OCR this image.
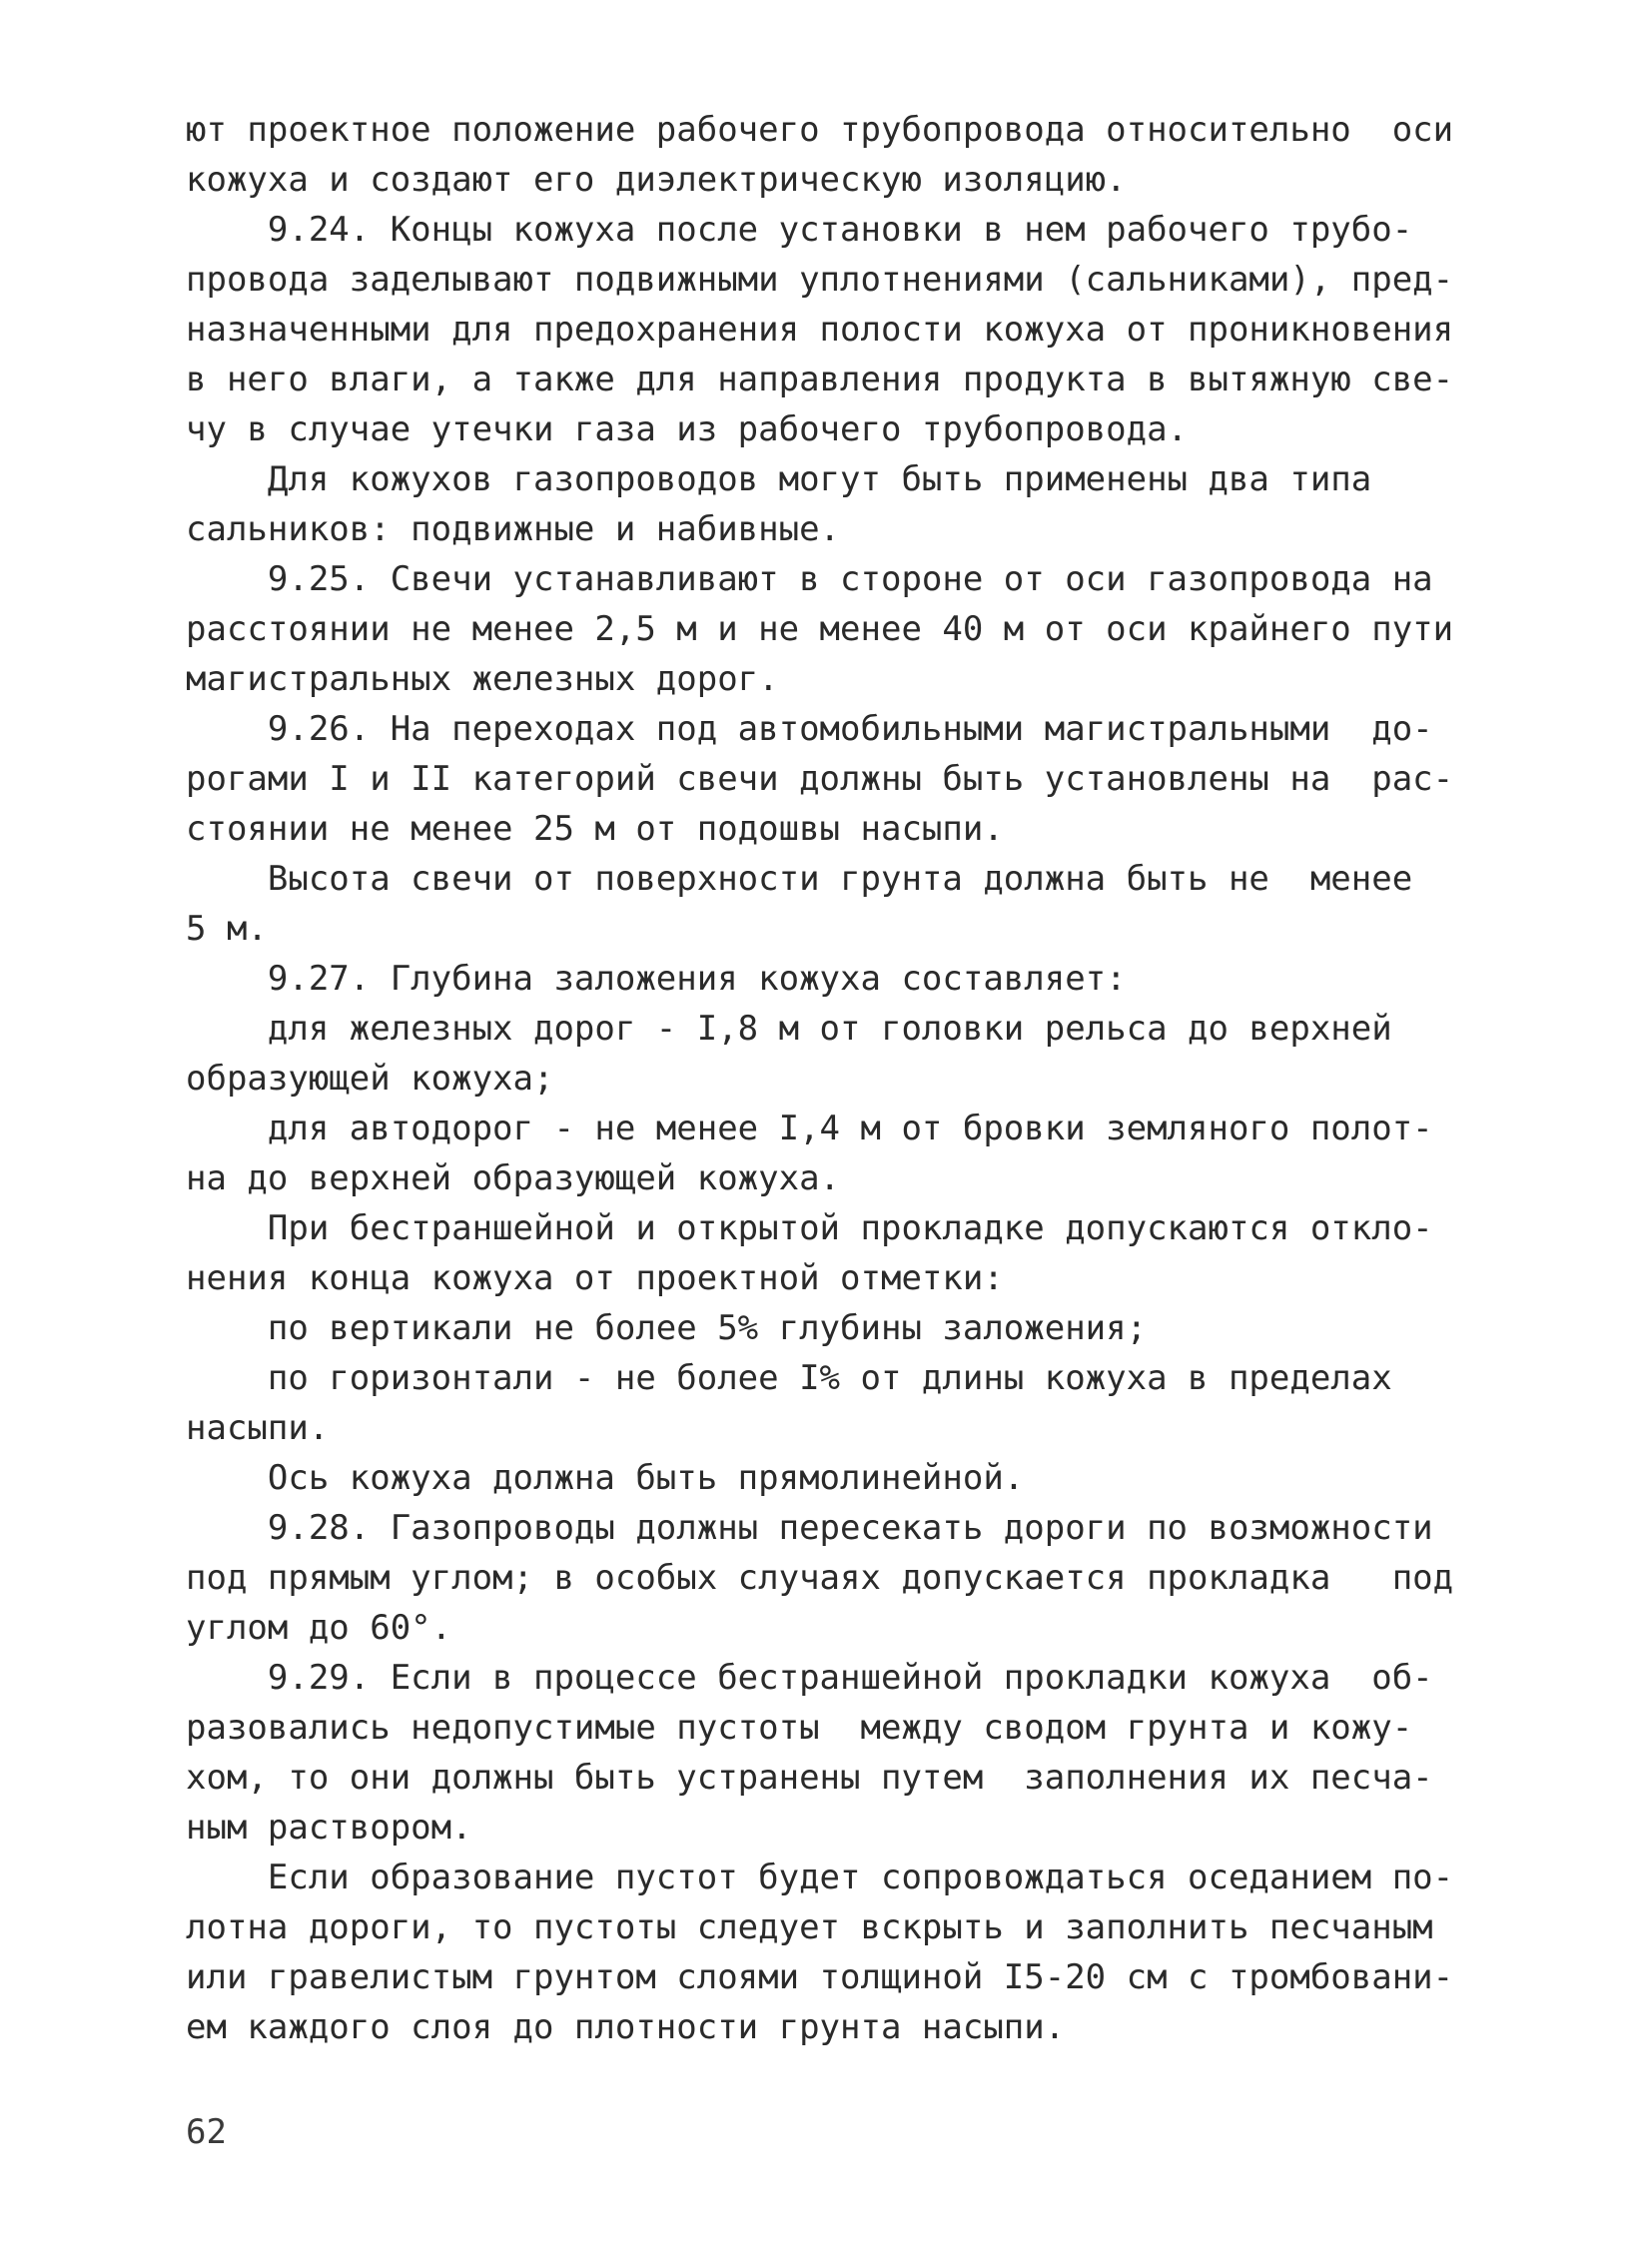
ют проектное положение рабочего трубопровода относительно  оси
кожуха и создают его диэлектрическую изоляцию.
9.24. Концы кожуха после установки в нем рабочего трубо-
провода заделывают подвижными уплотнениями (сальниками), пред-
назначенными для предохранения полости кожуха от проникновения
в него влаги, а также для направления продукта в вытяжную све-
чу в случае утечки газа из рабочего трубопровода.
Для кожухов газопроводов могут быть применены два типа
сальников: подвижные и набивные.
9.25. Свечи устанавливают в стороне от оси газопровода на
расстоянии не менее 2,5 м и не менее 40 м от оси крайнего пути
магистральных железных дорог.
9.26. На переходах под автомобильными магистральными  до-
рогами I и II категорий свечи должны быть установлены на  рас-
стоянии не менее 25 м от подошвы насыпи.
Высота свечи от поверхности грунта должна быть не  менее
5 м.
9.27. Глубина заложения кожуха составляет:
для железных дорог - I,8 м от головки рельса до верхней
образующей кожуха;
для автодорог - не менее I,4 м от бровки земляного полот-
на до верхней образующей кожуха.
При бестраншейной и открытой прокладке допускаются откло-
нения конца кожуха от проектной отметки:
по вертикали не более 5% глубины заложения;
по горизонтали - не более I% от длины кожуха в пределах
насыпи.
Ось кожуха должна быть прямолинейной.
9.28. Газопроводы должны пересекать дороги по возможности
под прямым углом; в особых случаях допускается прокладка   под
углом до 60°.
9.29. Если в процессе бестраншейной прокладки кожуха  об-
разовались недопустимые пустоты  между сводом грунта и кожу-
хом, то они должны быть устранены путем  заполнения их песча-
ным раствором.
Если образование пустот будет сопровождаться оседанием по-
лотна дороги, то пустоты следует вскрыть и заполнить песчаным
или гравелистым грунтом слоями толщиной I5-20 см с тромбовани-
ем каждого слоя до плотности грунта насыпи.
62
